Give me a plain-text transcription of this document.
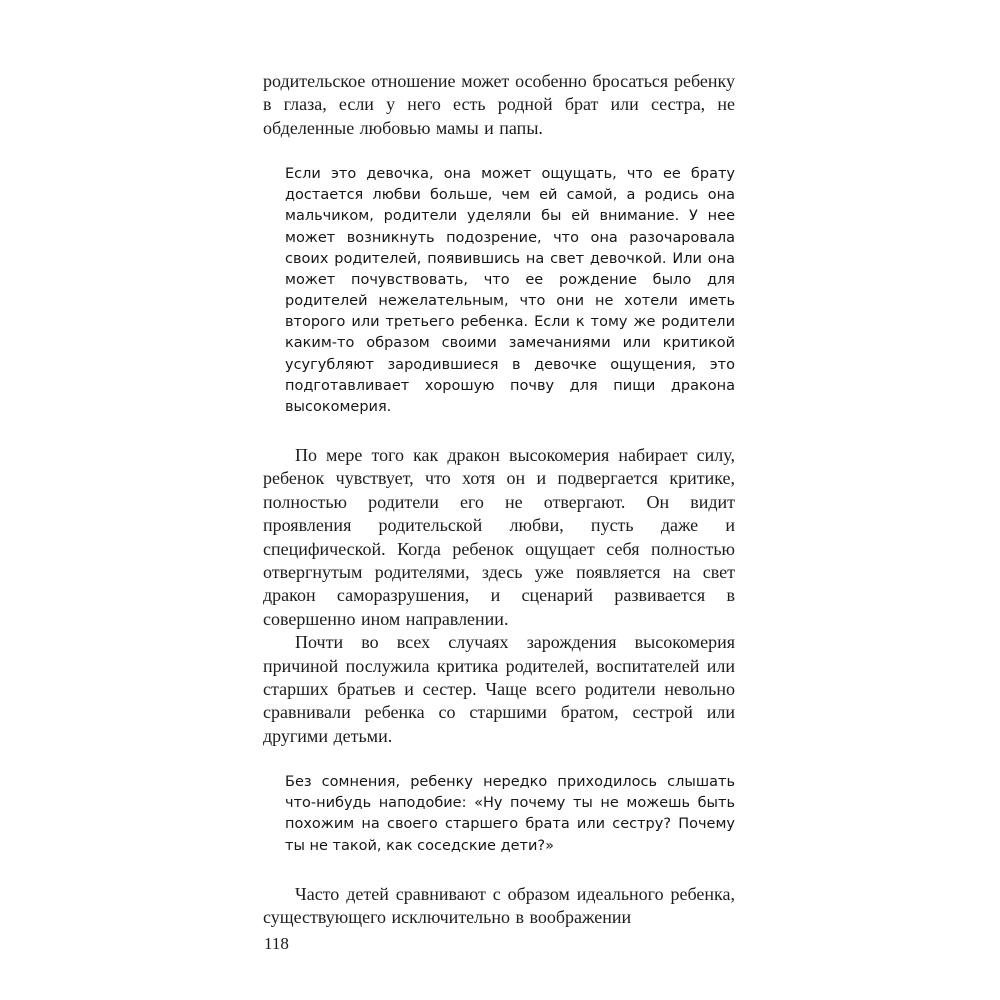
родительское отношение может особенно бросаться ребенку в глаза, если у него есть родной брат или сестра, не обделенные любовью мамы и папы.

Если это девочка, она может ощущать, что ее брату достается любви больше, чем ей самой, а родись она мальчиком, родители уделяли бы ей внимание. У нее может возникнуть подозрение, что она разочаровала своих родителей, появившись на свет девочкой. Или она может почувствовать, что ее рождение было для родителей нежелательным, что они не хотели иметь второго или третьего ребенка. Если к тому же родители каким-то образом своими замечаниями или критикой усугубляют зародившиеся в девочке ощущения, это подготавливает хорошую почву для пищи дракона высокомерия.

По мере того как дракон высокомерия набирает силу, ребенок чувствует, что хотя он и подвергается критике, полностью родители его не отвергают. Он видит проявления родительской любви, пусть даже и специфической. Когда ребенок ощущает себя полностью отвергнутым родителями, здесь уже появляется на свет дракон саморазрушения, и сценарий развивается в совершенно ином направлении.

Почти во всех случаях зарождения высокомерия причиной послужила критика родителей, воспитателей или старших братьев и сестер. Чаще всего родители невольно сравнивали ребенка со старшими братом, сестрой или другими детьми.

Без сомнения, ребенку нередко приходилось слышать что-нибудь наподобие: «Ну почему ты не можешь быть похожим на своего старшего брата или сестру? Почему ты не такой, как соседские дети?»

Часто детей сравнивают с образом идеального ребенка, существующего исключительно в воображении

118
